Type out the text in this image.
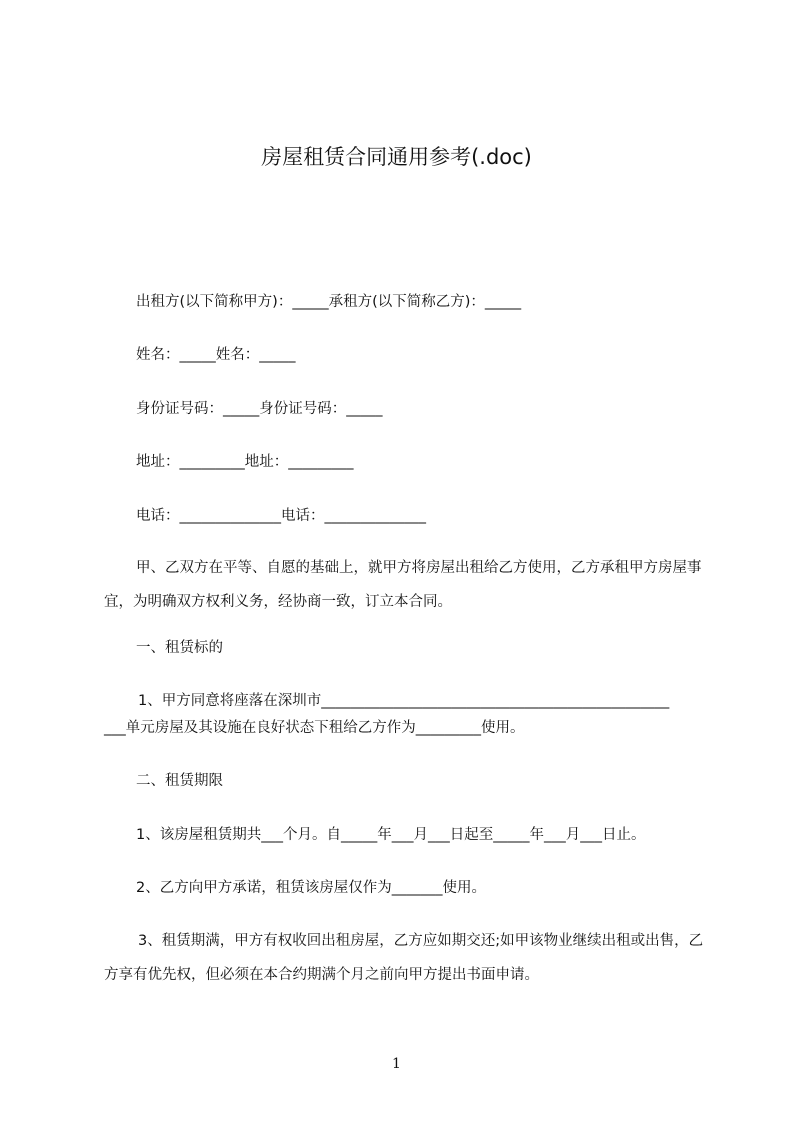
房屋租赁合同通用参考(.doc)
出租方(以下简称甲方)：_____承租方(以下简称乙方)：_____
姓名：_____姓名：_____
身份证号码：_____身份证号码：_____
地址：_________地址：_________
电话：______________电话：______________
甲、乙双方在平等、自愿的基础上，就甲方将房屋出租给乙方使用，乙方承租甲方房屋事宜，为明确双方权利义务，经协商一致，订立本合同。
一、租赁标的
1、甲方同意将座落在深圳市________________________________________________
___单元房屋及其设施在良好状态下租给乙方作为_________使用。
二、租赁期限
1、该房屋租赁期共___个月。自_____年___月___日起至_____年___月___日止。
2、乙方向甲方承诺，租赁该房屋仅作为_______使用。
3、租赁期满，甲方有权收回出租房屋，乙方应如期交还;如甲该物业继续出租或出售，乙方享有优先权，但必须在本合约期满个月之前向甲方提出书面申请。
1
